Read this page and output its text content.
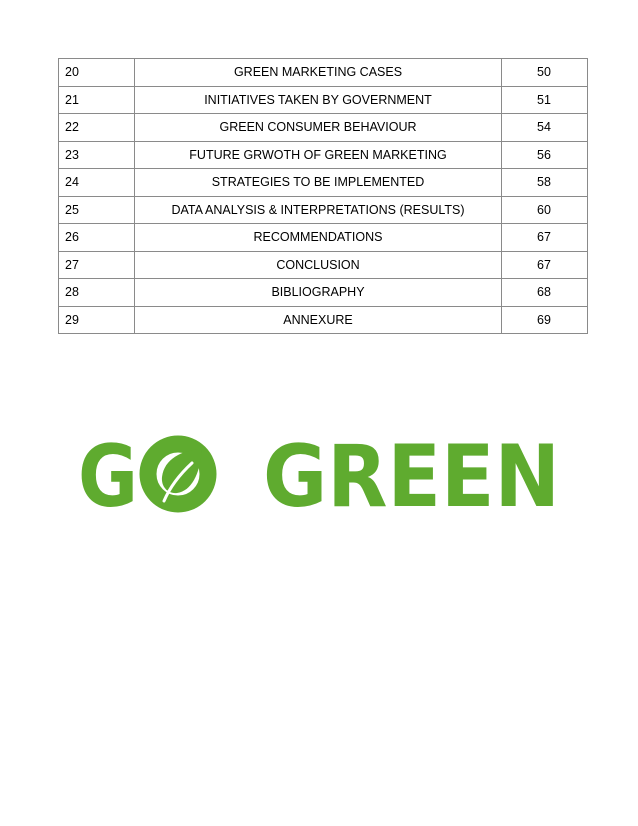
20	GREEN MARKETING CASES	50
21	INITIATIVES TAKEN BY GOVERNMENT	51
22	GREEN CONSUMER BEHAVIOUR	54
23	FUTURE GRWOTH OF GREEN MARKETING	56
24	STRATEGIES TO BE IMPLEMENTED	58
25	DATA ANALYSIS & INTERPRETATIONS (RESULTS)	60
26	RECOMMENDATIONS	67
27	CONCLUSION	67
28	BIBLIOGRAPHY	68
29	ANNEXURE	69
G GREEN
